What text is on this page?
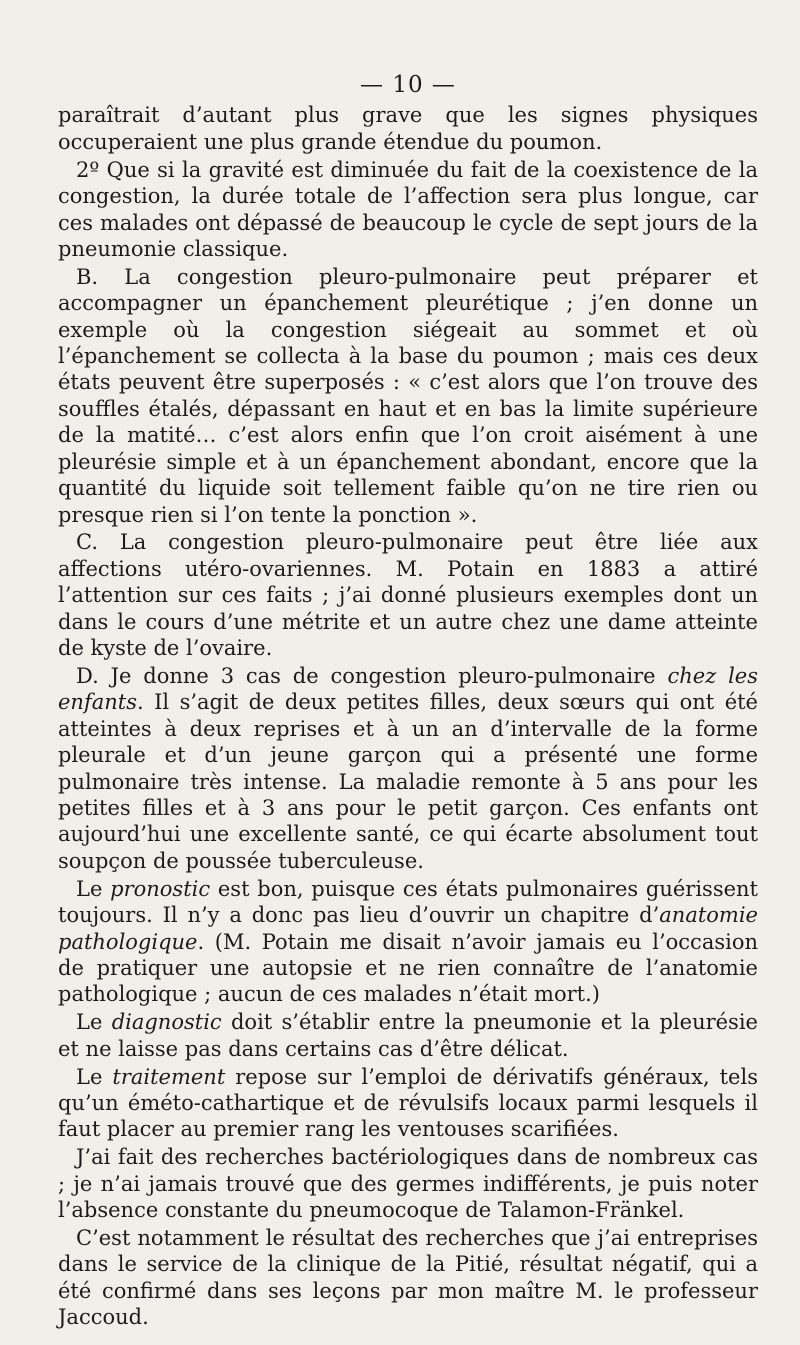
— 10 —

paraîtrait d’autant plus grave que les signes physiques occuperaient une plus grande étendue du poumon.

2º Que si la gravité est diminuée du fait de la coexistence de la congestion, la durée totale de l’affection sera plus longue, car ces malades ont dépassé de beaucoup le cycle de sept jours de la pneumonie classique.

B. La congestion pleuro-pulmonaire peut préparer et accompagner un épanchement pleurétique ; j’en donne un exemple où la congestion siégeait au sommet et où l’épanchement se collecta à la base du poumon ; mais ces deux états peuvent être superposés : « c’est alors que l’on trouve des souffles étalés, dépassant en haut et en bas la limite supérieure de la matité… c’est alors enfin que l’on croit aisément à une pleurésie simple et à un épanchement abondant, encore que la quantité du liquide soit tellement faible qu’on ne tire rien ou presque rien si l’on tente la ponction ».

C. La congestion pleuro-pulmonaire peut être liée aux affections utéro-ovariennes. M. Potain en 1883 a attiré l’attention sur ces faits ; j’ai donné plusieurs exemples dont un dans le cours d’une métrite et un autre chez une dame atteinte de kyste de l’ovaire.

D. Je donne 3 cas de congestion pleuro-pulmonaire chez les enfants. Il s’agit de deux petites filles, deux sœurs qui ont été atteintes à deux reprises et à un an d’intervalle de la forme pleurale et d’un jeune garçon qui a présenté une forme pulmonaire très intense. La maladie remonte à 5 ans pour les petites filles et à 3 ans pour le petit garçon. Ces enfants ont aujourd’hui une excellente santé, ce qui écarte absolument tout soupçon de poussée tuberculeuse.

Le pronostic est bon, puisque ces états pulmonaires guérissent toujours. Il n’y a donc pas lieu d’ouvrir un chapitre d’anatomie pathologique. (M. Potain me disait n’avoir jamais eu l’occasion de pratiquer une autopsie et ne rien connaître de l’anatomie pathologique ; aucun de ces malades n’était mort.)

Le diagnostic doit s’établir entre la pneumonie et la pleurésie et ne laisse pas dans certains cas d’être délicat.

Le traitement repose sur l’emploi de dérivatifs généraux, tels qu’un éméto-cathartique et de révulsifs locaux parmi lesquels il faut placer au premier rang les ventouses scarifiées.

J’ai fait des recherches bactériologiques dans de nombreux cas ; je n’ai jamais trouvé que des germes indifférents, je puis noter l’absence constante du pneumocoque de Talamon-Fränkel.

C’est notamment le résultat des recherches que j’ai entreprises dans le service de la clinique de la Pitié, résultat négatif, qui a été confirmé dans ses leçons par mon maître M. le professeur Jaccoud.
